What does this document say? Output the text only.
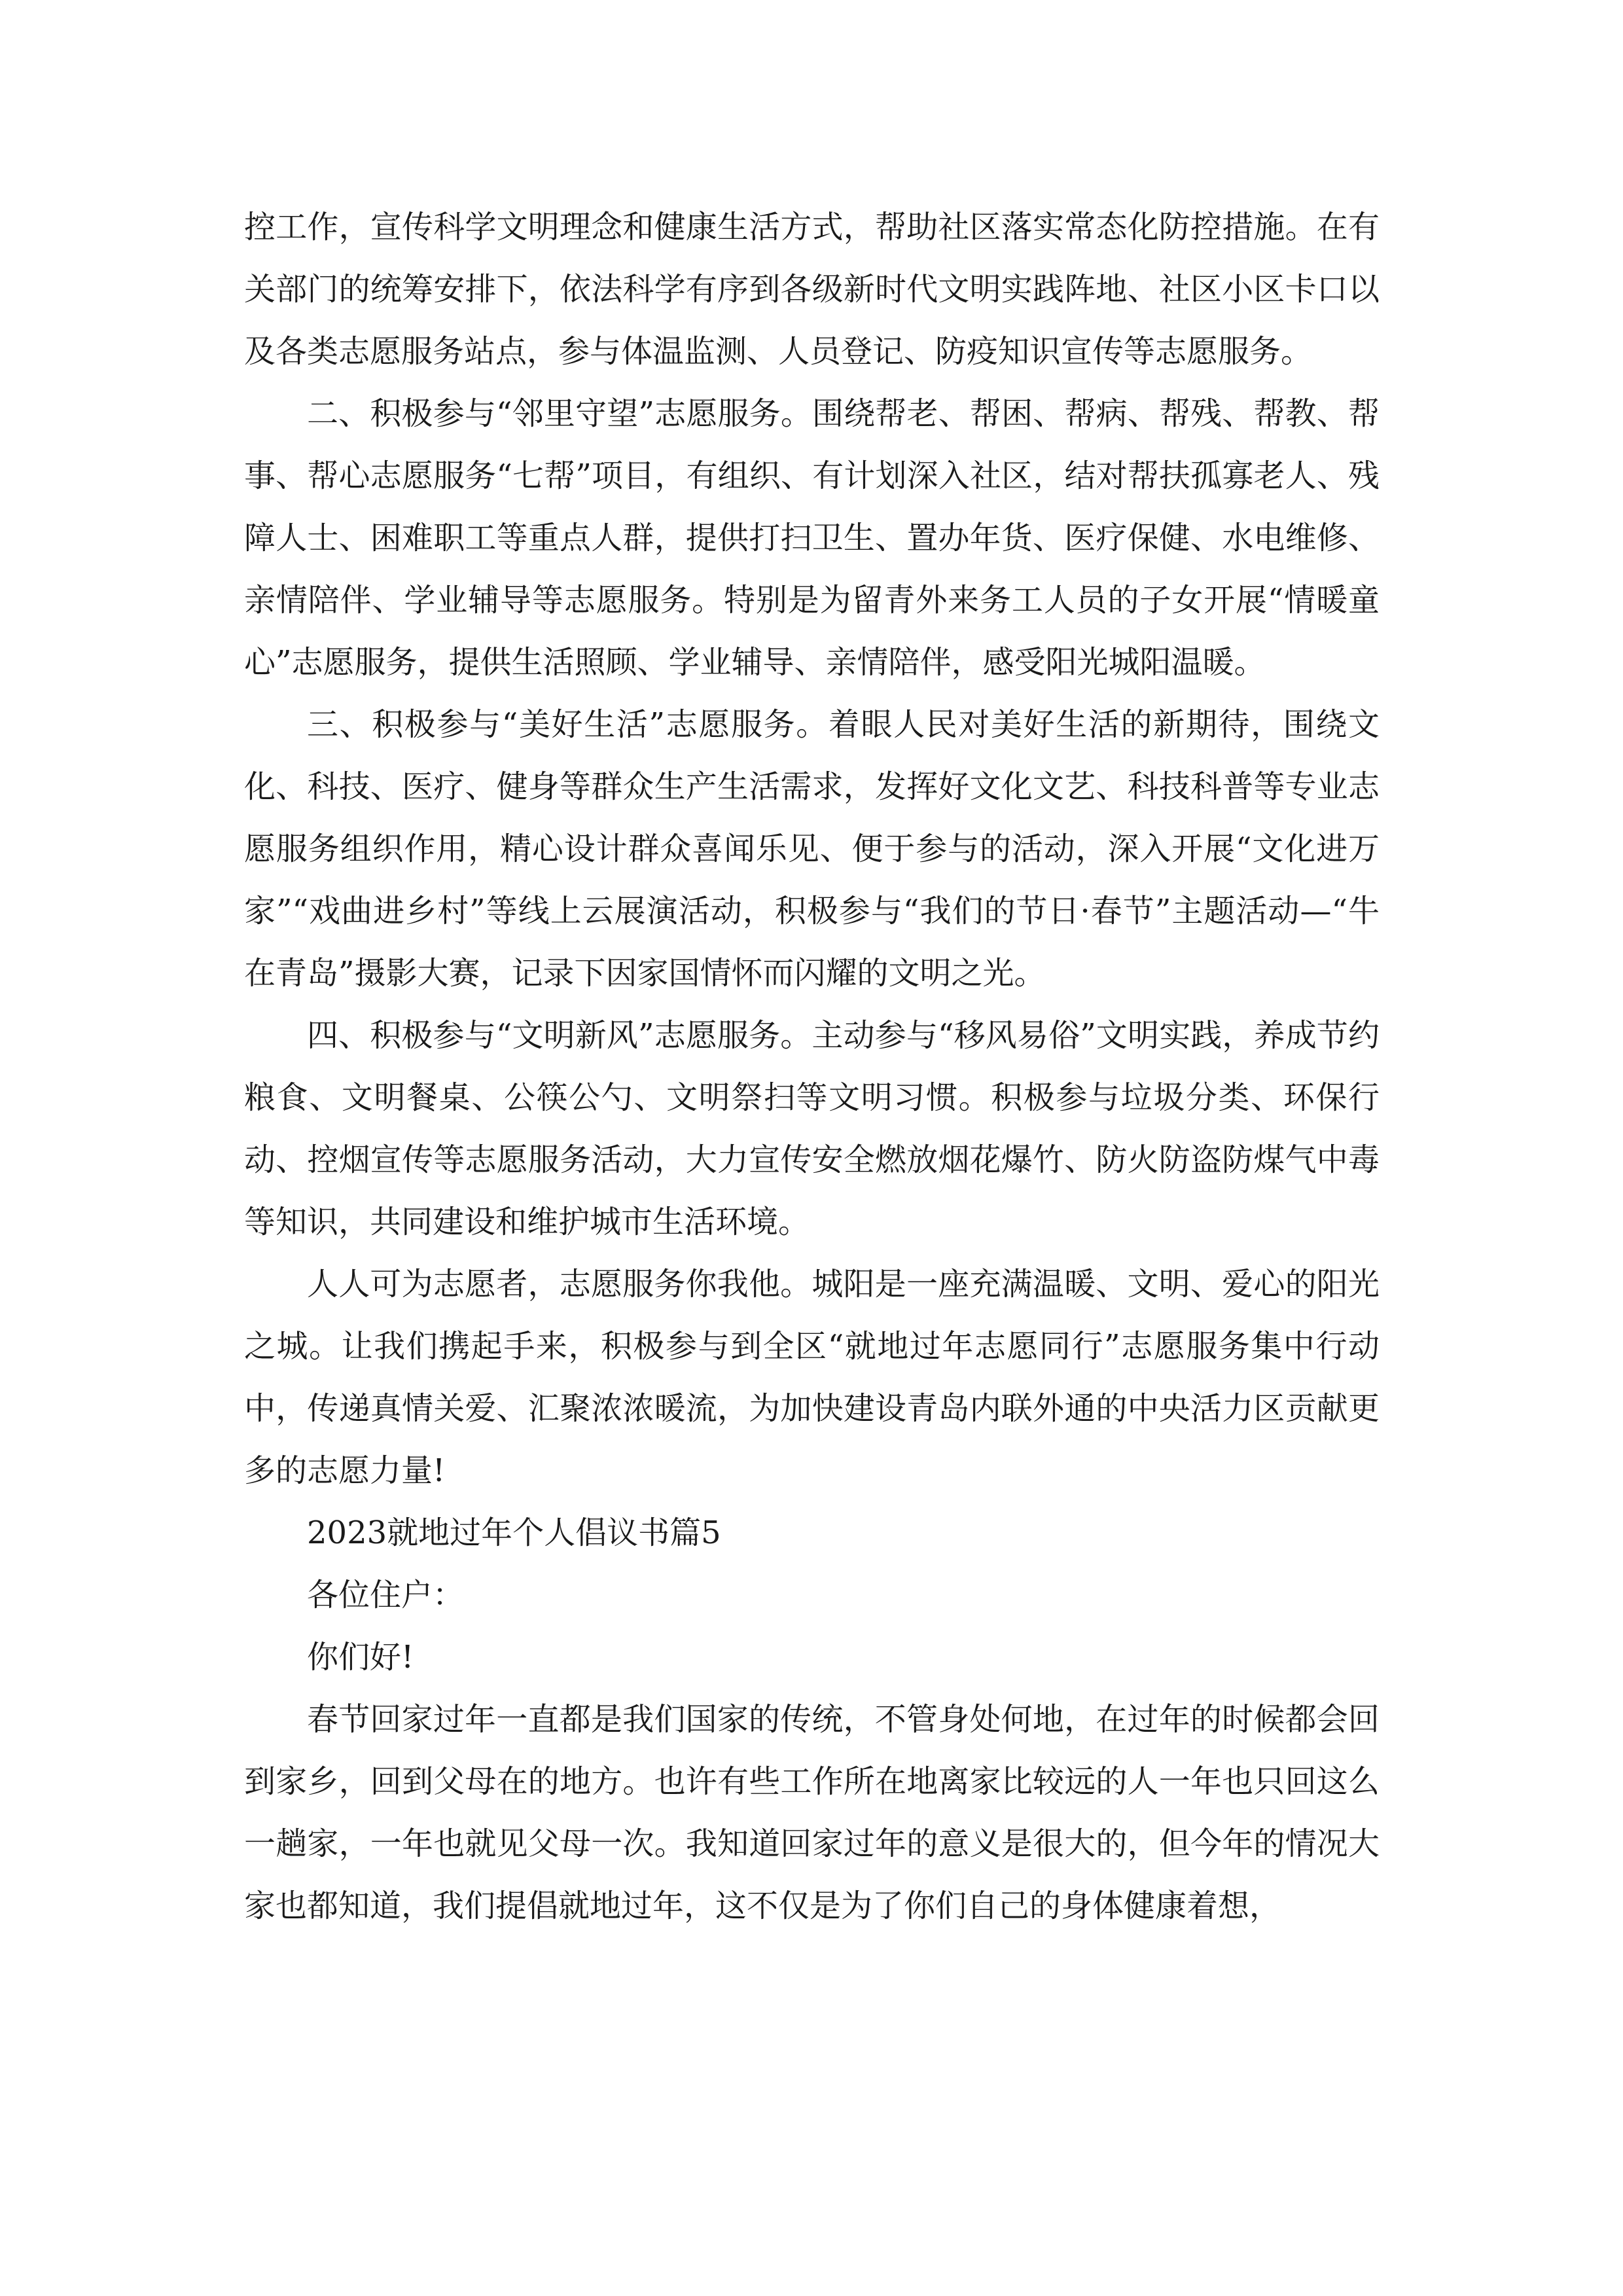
控工作，宣传科学文明理念和健康生活方式，帮助社区落实常态化防控措施。在有关部门的统筹安排下，依法科学有序到各级新时代文明实践阵地、社区小区卡口以及各类志愿服务站点，参与体温监测、人员登记、防疫知识宣传等志愿服务。

二、积极参与“邻里守望”志愿服务。围绕帮老、帮困、帮病、帮残、帮教、帮事、帮心志愿服务“七帮”项目，有组织、有计划深入社区，结对帮扶孤寡老人、残障人士、困难职工等重点人群，提供打扫卫生、置办年货、医疗保健、水电维修、亲情陪伴、学业辅导等志愿服务。特别是为留青外来务工人员的子女开展“情暖童心”志愿服务，提供生活照顾、学业辅导、亲情陪伴，感受阳光城阳温暖。

三、积极参与“美好生活”志愿服务。着眼人民对美好生活的新期待，围绕文化、科技、医疗、健身等群众生产生活需求，发挥好文化文艺、科技科普等专业志愿服务组织作用，精心设计群众喜闻乐见、便于参与的活动，深入开展“文化进万家”“戏曲进乡村”等线上云展演活动，积极参与“我们的节日·春节”主题活动—“牛在青岛”摄影大赛，记录下因家国情怀而闪耀的文明之光。

四、积极参与“文明新风”志愿服务。主动参与“移风易俗”文明实践，养成节约粮食、文明餐桌、公筷公勺、文明祭扫等文明习惯。积极参与垃圾分类、环保行动、控烟宣传等志愿服务活动，大力宣传安全燃放烟花爆竹、防火防盗防煤气中毒等知识，共同建设和维护城市生活环境。

人人可为志愿者，志愿服务你我他。城阳是一座充满温暖、文明、爱心的阳光之城。让我们携起手来，积极参与到全区“就地过年志愿同行”志愿服务集中行动中，传递真情关爱、汇聚浓浓暖流，为加快建设青岛内联外通的中央活力区贡献更多的志愿力量!

2023就地过年个人倡议书篇5

各位住户：

你们好!

春节回家过年一直都是我们国家的传统，不管身处何地，在过年的时候都会回到家乡，回到父母在的地方。也许有些工作所在地离家比较远的人一年也只回这么一趟家，一年也就见父母一次。我知道回家过年的意义是很大的，但今年的情况大家也都知道，我们提倡就地过年，这不仅是为了你们自己的身体健康着想，
